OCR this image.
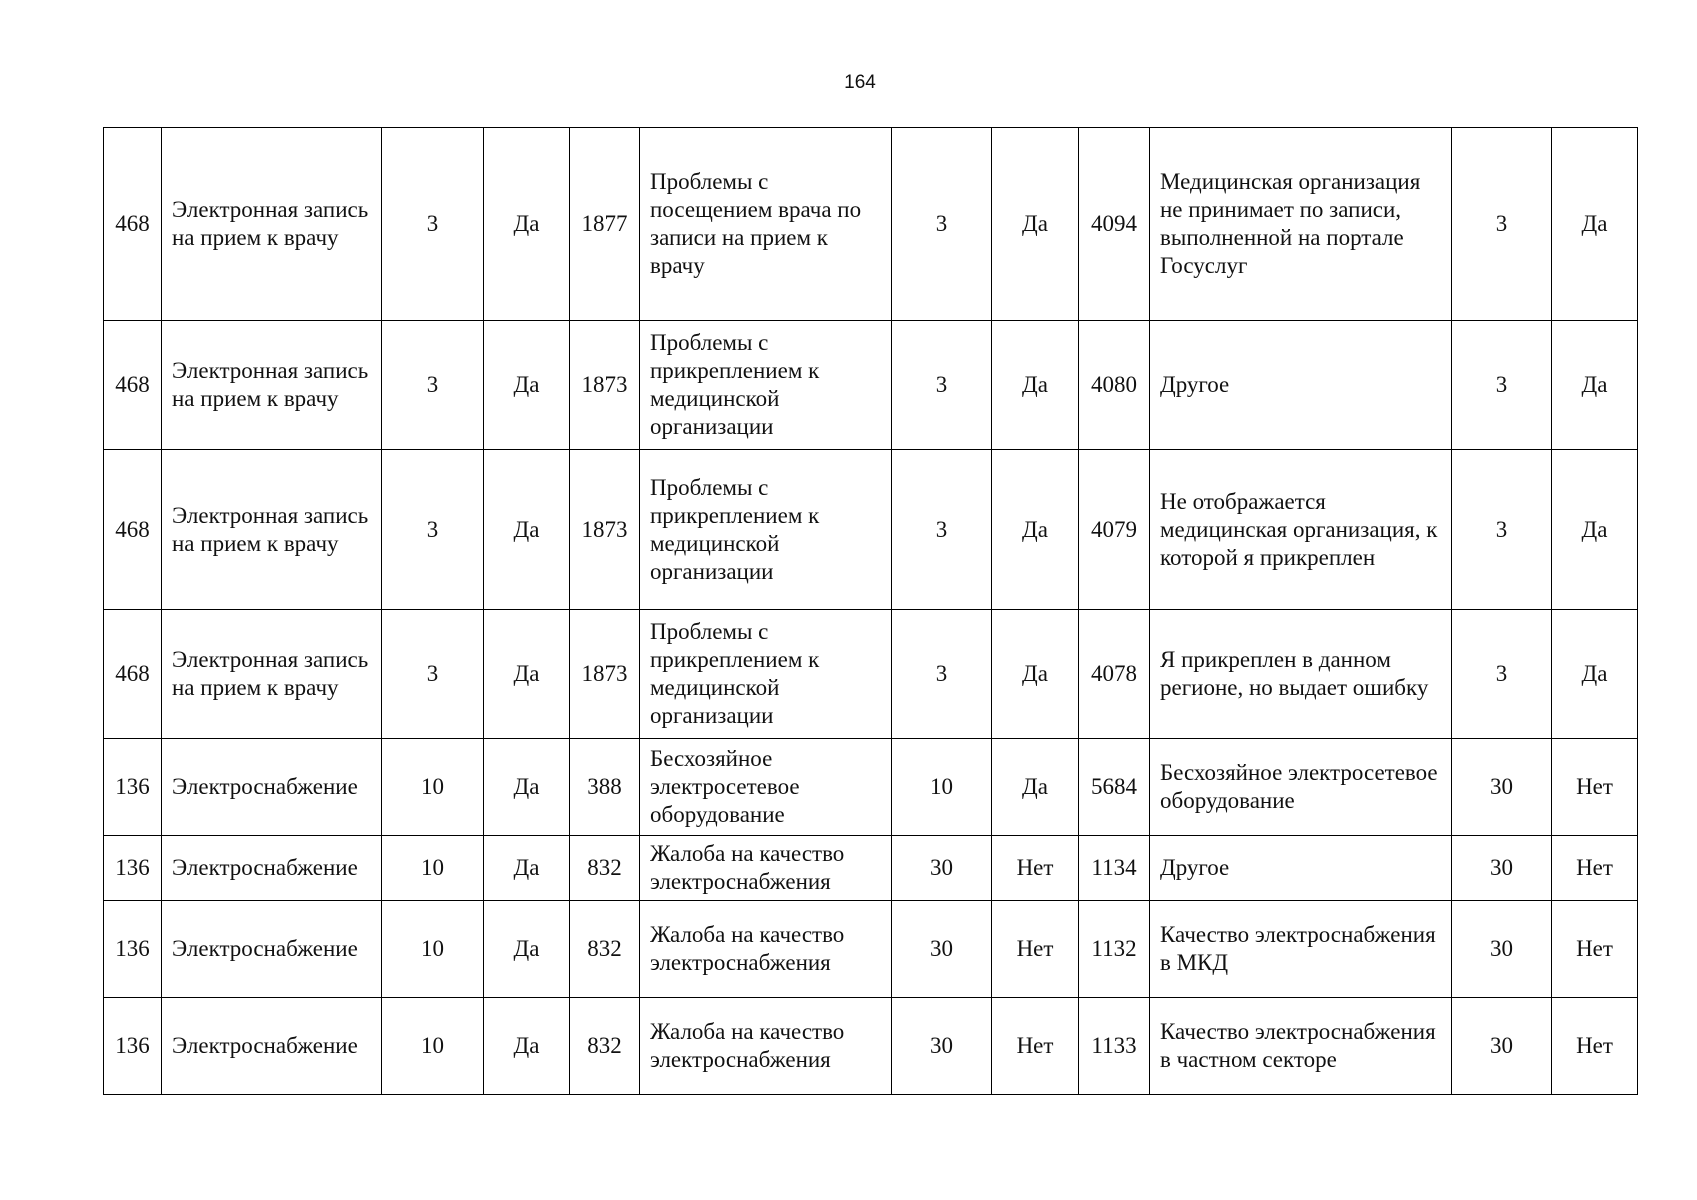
164
468	Электронная запись на прием к врачу	3	Да	1877	Проблемы с посещением врача по записи на прием к врачу	3	Да	4094	Медицинская организация не принимает по записи, выполненной на портале Госуслуг	3	Да
468	Электронная запись на прием к врачу	3	Да	1873	Проблемы с прикреплением к медицинской организации	3	Да	4080	Другое	3	Да
468	Электронная запись на прием к врачу	3	Да	1873	Проблемы с прикреплением к медицинской организации	3	Да	4079	Не отображается медицинская организация, к которой я прикреплен	3	Да
468	Электронная запись на прием к врачу	3	Да	1873	Проблемы с прикреплением к медицинской организации	3	Да	4078	Я прикреплен в данном регионе, но выдает ошибку	3	Да
136	Электроснабжение	10	Да	388	Бесхозяйное электросетевое оборудование	10	Да	5684	Бесхозяйное электросетевое оборудование	30	Нет
136	Электроснабжение	10	Да	832	Жалоба на качество электроснабжения	30	Нет	1134	Другое	30	Нет
136	Электроснабжение	10	Да	832	Жалоба на качество электроснабжения	30	Нет	1132	Качество электроснабжения в МКД	30	Нет
136	Электроснабжение	10	Да	832	Жалоба на качество электроснабжения	30	Нет	1133	Качество электроснабжения в частном секторе	30	Нет
